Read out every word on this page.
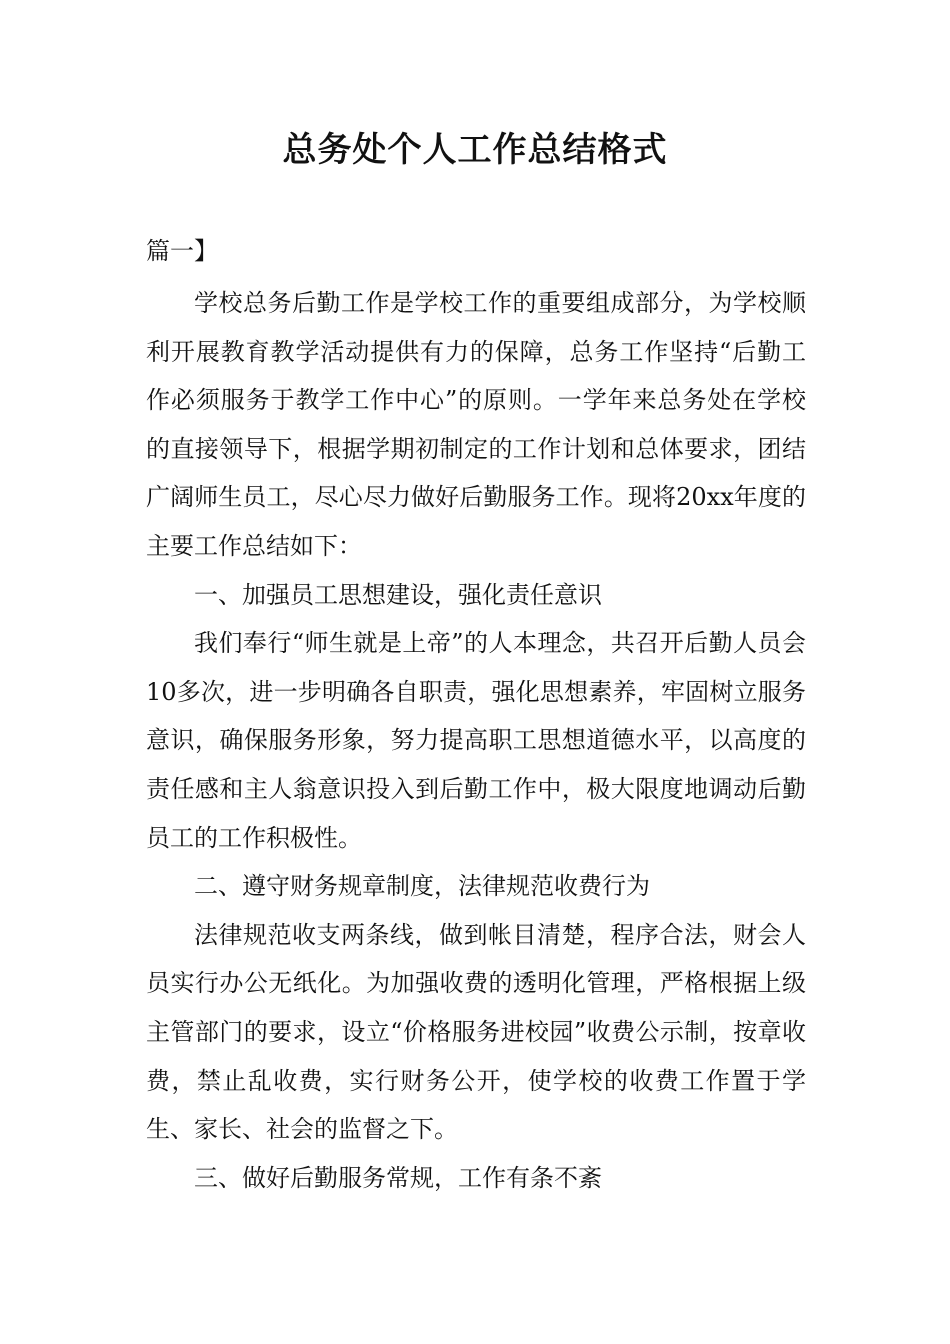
总务处个人工作总结格式

篇一】

学校总务后勤工作是学校工作的重要组成部分，为学校顺利开展教育教学活动提供有力的保障，总务工作坚持“后勤工作必须服务于教学工作中心”的原则。一学年来总务处在学校的直接领导下，根据学期初制定的工作计划和总体要求，团结广阔师生员工，尽心尽力做好后勤服务工作。现将20xx年度的主要工作总结如下：

一、加强员工思想建设，强化责任意识

我们奉行“师生就是上帝”的人本理念，共召开后勤人员会10多次，进一步明确各自职责，强化思想素养，牢固树立服务意识，确保服务形象，努力提高职工思想道德水平，以高度的责任感和主人翁意识投入到后勤工作中，极大限度地调动后勤员工的工作积极性。

二、遵守财务规章制度，法律规范收费行为

法律规范收支两条线，做到帐目清楚，程序合法，财会人员实行办公无纸化。为加强收费的透明化管理，严格根据上级主管部门的要求，设立“价格服务进校园”收费公示制，按章收费，禁止乱收费，实行财务公开，使学校的收费工作置于学生、家长、社会的监督之下。

三、做好后勤服务常规，工作有条不紊
